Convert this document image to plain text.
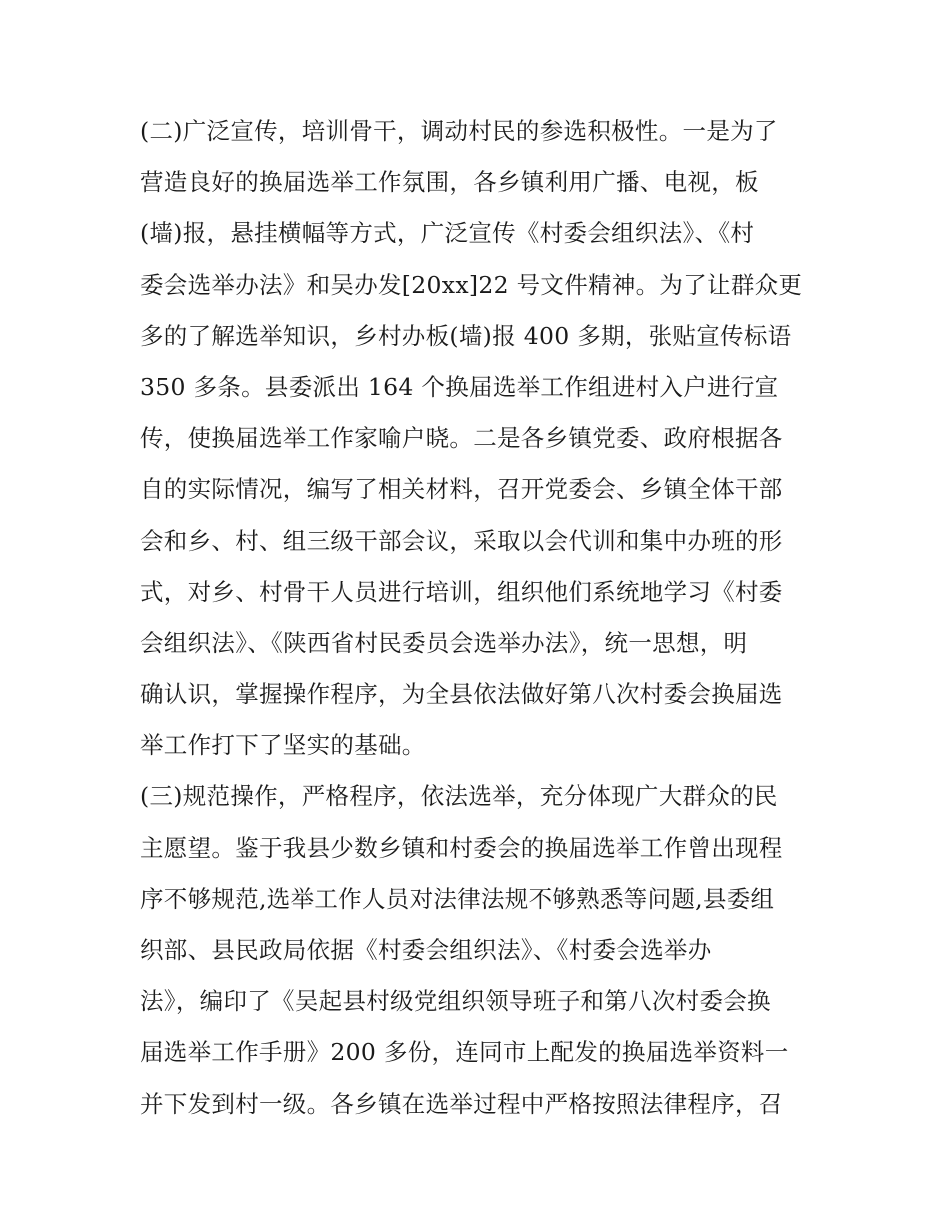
(二)广泛宣传，培训骨干，调动村民的参选积极性。一是为了
营造良好的换届选举工作氛围，各乡镇利用广播、电视，板
(墙)报，悬挂横幅等方式，广泛宣传《村委会组织法》、《村
委会选举办法》和吴办发[20xx]22 号文件精神。为了让群众更
多的了解选举知识，乡村办板(墙)报 400 多期，张贴宣传标语
350 多条。县委派出 164 个换届选举工作组进村入户进行宣
传，使换届选举工作家喻户晓。二是各乡镇党委、政府根据各
自的实际情况，编写了相关材料，召开党委会、乡镇全体干部
会和乡、村、组三级干部会议，采取以会代训和集中办班的形
式，对乡、村骨干人员进行培训，组织他们系统地学习《村委
会组织法》、《陕西省村民委员会选举办法》，统一思想，明
确认识，掌握操作程序，为全县依法做好第八次村委会换届选
举工作打下了坚实的基础。
(三)规范操作，严格程序，依法选举，充分体现广大群众的民
主愿望。鉴于我县少数乡镇和村委会的换届选举工作曾出现程
序不够规范,选举工作人员对法律法规不够熟悉等问题,县委组
织部、县民政局依据《村委会组织法》、《村委会选举办
法》，编印了《吴起县村级党组织领导班子和第八次村委会换
届选举工作手册》200 多份，连同市上配发的换届选举资料一
并下发到村一级。各乡镇在选举过程中严格按照法律程序，召
